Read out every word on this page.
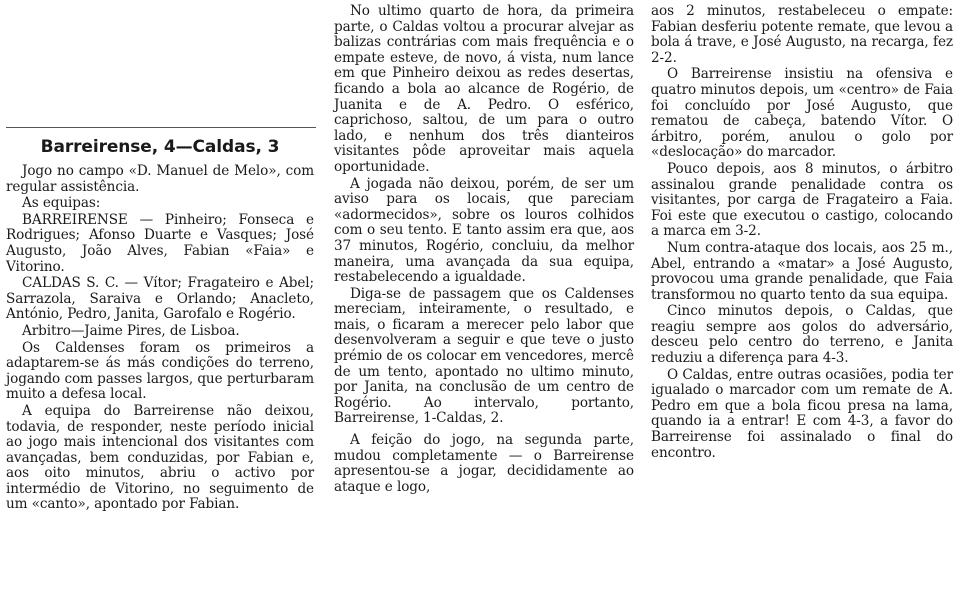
Barreirense, 4—Caldas, 3

Jogo no campo «D. Manuel de Melo», com regular assistência.

As equipas:

BARREIRENSE — Pinheiro; Fonseca e Rodrigues; Afonso Duarte e Vasques; José Augusto, João Alves, Fabian «Faia» e Vitorino.

CALDAS S. C. — Vítor; Fragateiro e Abel; Sarrazola, Saraiva e Orlando; Anacleto, António, Pedro, Janita, Garofalo e Rogério.

Arbitro—Jaime Pires, de Lisboa.

Os Caldenses foram os primeiros a adaptarem-se ás más condições do terreno, jogando com passes largos, que perturbaram muito a defesa local.

A equipa do Barreirense não deixou, todavia, de responder, neste período inicial ao jogo mais intencional dos visitantes com avançadas, bem conduzidas, por Fabian e, aos oito minutos, abriu o activo por intermédio de Vitorino, no seguimento de um «canto», apontado por Fabian.

No ultimo quarto de hora, da primeira parte, o Caldas voltou a procurar alvejar as balizas contrárias com mais frequência e o empate esteve, de novo, á vista, num lance em que Pinheiro deixou as redes desertas, ficando a bola ao alcance de Rogério, de Juanita e de A. Pedro. O esférico, caprichoso, saltou, de um para o outro lado, e nenhum dos três dianteiros visitantes pôde aproveitar mais aquela oportunidade.

A jogada não deixou, porém, de ser um aviso para os locais, que pareciam «adormecidos», sobre os louros colhidos com o seu tento. E tanto assim era que, aos 37 minutos, Rogério, concluiu, da melhor maneira, uma avançada da sua equipa, restabelecendo a igualdade.

Diga-se de passagem que os Caldenses mereciam, inteiramente, o resultado, e mais, o ficaram a merecer pelo labor que desenvolveram a seguir e que teve o justo prémio de os colocar em vencedores, mercê de um tento, apontado no ultimo minuto, por Janita, na conclusão de um centro de Rogério. Ao intervalo, portanto, Barreirense, 1-Caldas, 2.

A feição do jogo, na segunda parte, mudou completamente — o Barreirense apresentou-se a jogar, decididamente ao ataque e logo,

aos 2 minutos, restabeleceu o empate: Fabian desferiu potente remate, que levou a bola á trave, e José Augusto, na recarga, fez 2-2.

O Barreirense insistiu na ofensiva e quatro minutos depois, um «centro» de Faia foi concluído por José Augusto, que rematou de cabeça, batendo Vítor. O árbitro, porém, anulou o golo por «deslocação» do marcador.

Pouco depois, aos 8 minutos, o árbitro assinalou grande penalidade contra os visitantes, por carga de Fragateiro a Faia. Foi este que executou o castigo, colocando a marca em 3-2.

Num contra-ataque dos locais, aos 25 m., Abel, entrando a «matar» a José Augusto, provocou uma grande penalidade, que Faia transformou no quarto tento da sua equipa.

Cinco minutos depois, o Caldas, que reagiu sempre aos golos do adversário, desceu pelo centro do terreno, e Janita reduziu a diferença para 4-3.

O Caldas, entre outras ocasiões, podia ter igualado o marcador com um remate de A. Pedro em que a bola ficou presa na lama, quando ia a entrar! E com 4-3, a favor do Barreirense foi assinalado o final do encontro.
